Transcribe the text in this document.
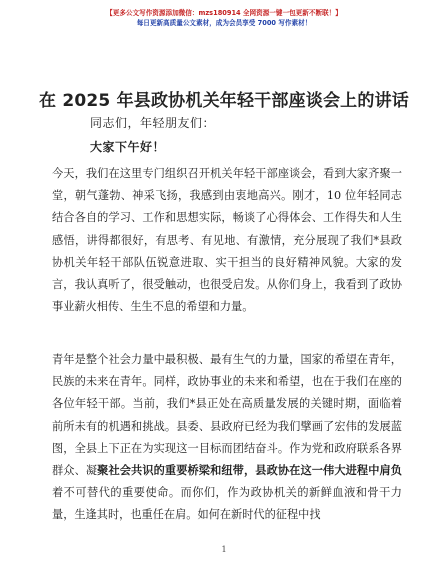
【更多公文写作资源添加微信：mzs180914 全网资源一键一包更新不断联！】
每日更新高质量公文素材，成为会员享受 7000 写作素材！
在 2025 年县政协机关年轻干部座谈会上的讲话
同志们，年轻朋友们：
大家下午好！

今天，我们在这里专门组织召开机关年轻干部座谈会，看到大家齐聚一堂，朝气蓬勃、神采飞扬，我感到由衷地高兴。刚才，10 位年轻同志结合各自的学习、工作和思想实际，畅谈了心得体会、工作得失和人生感悟，讲得都很好，有思考、有见地、有激情，充分展现了我们*县政协机关年轻干部队伍锐意进取、实干担当的良好精神风貌。大家的发言，我认真听了，很受触动，也很受启发。从你们身上，我看到了政协事业薪火相传、生生不息的希望和力量。

青年是整个社会力量中最积极、最有生气的力量，国家的希望在青年，民族的未来在青年。同样，政协事业的未来和希望，也在于我们在座的各位年轻干部。当前，我们*县正处在高质量发展的关键时期，面临着前所未有的机遇和挑战。县委、县政府已经为我们擘画了宏伟的发展蓝图，全县上下正在为实现这一目标而团结奋斗。作为党和政府联系各界群众、凝聚社会共识的重要桥梁和纽带，县政协在这一伟大进程中肩负着不可替代的重要使命。而你们，作为政协机关的新鲜血液和骨干力量，生逢其时，也重任在肩。如何在新时代的征程中找

1
